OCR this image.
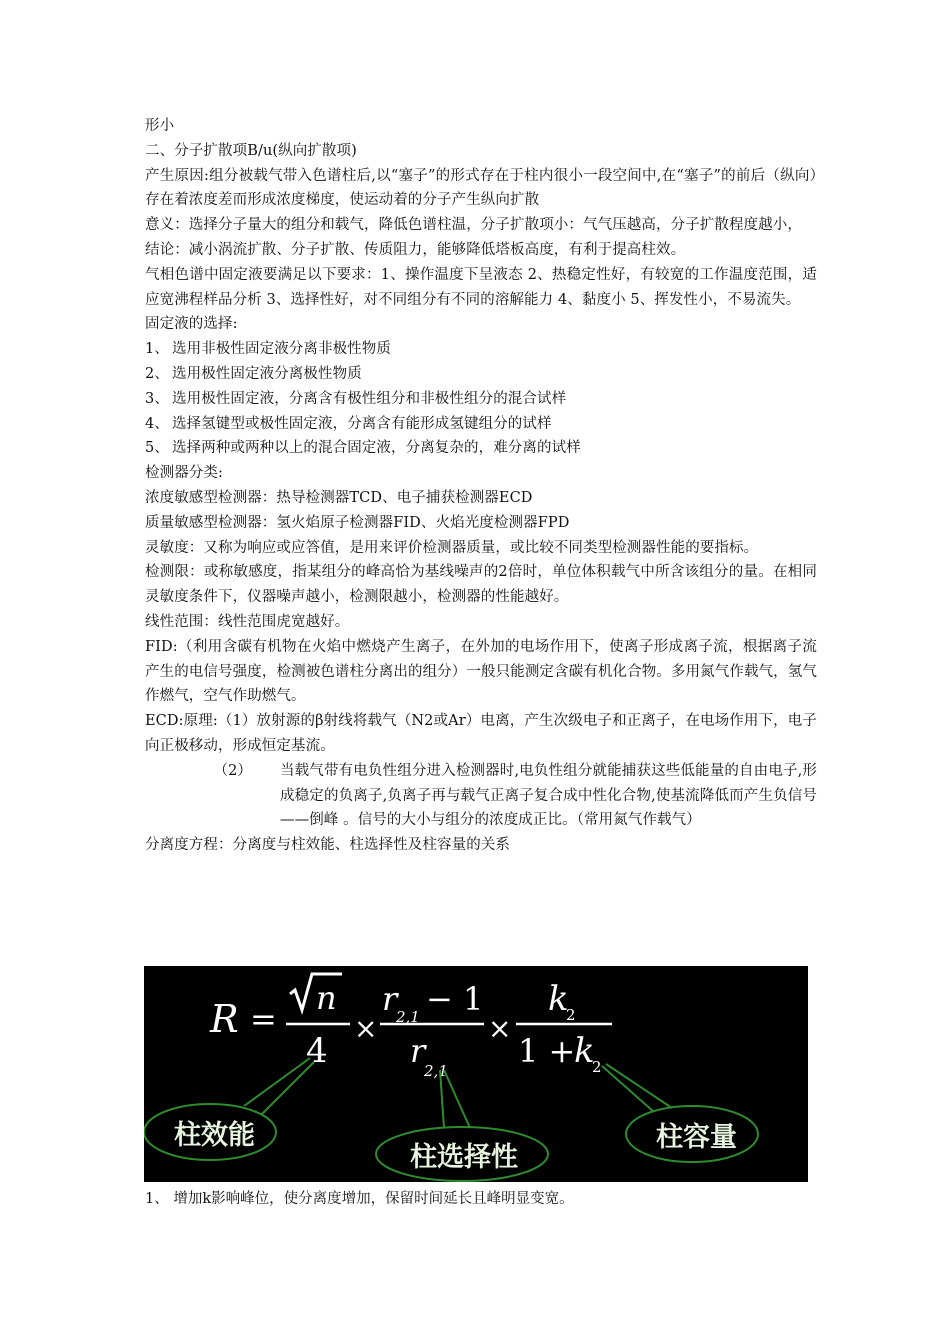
形小

二、分子扩散项B/u(纵向扩散项)

产生原因:组分被载气带入色谱柱后,以“塞子”的形式存在于柱内很小一段空间中,在“塞子”的前后（纵向）存在着浓度差而形成浓度梯度，使运动着的分子产生纵向扩散

意义：选择分子量大的组分和载气，降低色谱柱温，分子扩散项小：气气压越高，分子扩散程度越小，

结论：减小涡流扩散、分子扩散、传质阻力，能够降低塔板高度，有利于提高柱效。

气相色谱中固定液要满足以下要求：1、操作温度下呈液态 2、热稳定性好，有较宽的工作温度范围，适应宽沸程样品分析 3、选择性好，对不同组分有不同的溶解能力 4、黏度小 5、挥发性小，不易流失。

固定液的选择:

1、 选用非极性固定液分离非极性物质
2、 选用极性固定液分离极性物质
3、 选用极性固定液，分离含有极性组分和非极性组分的混合试样
4、 选择氢键型或极性固定液，分离含有能形成氢键组分的试样
5、 选择两种或两种以上的混合固定液，分离复杂的，难分离的试样

检测器分类:

浓度敏感型检测器：热导检测器TCD、电子捕获检测器ECD

质量敏感型检测器：氢火焰原子检测器FID、火焰光度检测器FPD

灵敏度：又称为响应或应答值，是用来评价检测器质量，或比较不同类型检测器性能的要指标。

检测限：或称敏感度，指某组分的峰高恰为基线噪声的2倍时，单位体积载气中所含该组分的量。在相同灵敏度条件下，仪器噪声越小，检测限越小，检测器的性能越好。

线性范围：线性范围虎宽越好。

FID:（利用含碳有机物在火焰中燃烧产生离子，在外加的电场作用下，使离子形成离子流，根据离子流产生的电信号强度，检测被色谱柱分离出的组分）一般只能测定含碳有机化合物。多用氮气作载气，氢气作燃气，空气作助燃气。

ECD:原理:（1）放射源的β射线将载气（N2或Ar）电离，产生次级电子和正离子，在电场作用下，电子向正极移动，形成恒定基流。

（2）	当载气带有电负性组分进入检测器时,电负性组分就能捕获这些低能量的自由电子,形成稳定的负离子,负离子再与载气正离子复合成中性化合物,使基流降低而产生负信号——倒峰 。信号的大小与组分的浓度成正比。（常用氮气作载气）

分离度方程：分离度与柱效能、柱选择性及柱容量的关系

R =
n
4
×
r
2,1 − 1
r
2,1
×
k
2
1 +
k
2
柱效能
柱选择性
柱容量
1、 增加k影响峰位，使分离度增加，保留时间延长且峰明显变宽。
